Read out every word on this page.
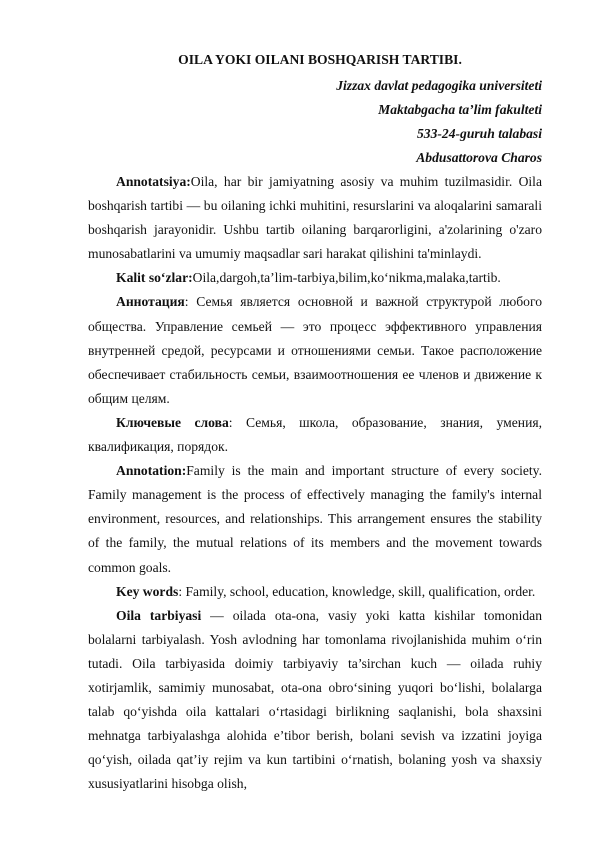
OILA YOKI OILANI BOSHQARISH TARTIBI.
Jizzax davlat pedagogika universiteti
Maktabgacha ta’lim fakulteti
533-24-guruh talabasi
Abdusattorova Charos

Annotatsiya:Oila, har bir jamiyatning asosiy va muhim tuzilmasidir. Oila boshqarish tartibi — bu oilaning ichki muhitini, resurslarini va aloqalarini samarali boshqarish jarayonidir. Ushbu tartib oilaning barqarorligini, a'zolarining o'zaro munosabatlarini va umumiy maqsadlar sari harakat qilishini ta'minlaydi.

Kalit so‘zlar:Oila,dargoh,ta’lim-tarbiya,bilim,ko‘nikma,malaka,tartib.

Аннотация: Семья является основной и важной структурой любого общества. Управление семьей — это процесс эффективного управления внутренней средой, ресурсами и отношениями семьи. Такое расположение обеспечивает стабильность семьи, взаимоотношения ее членов и движение к общим целям.

Ключевые слова: Семья, школа, образование, знания, умения, квалификация, порядок.

Annotation:Family is the main and important structure of every society. Family management is the process of effectively managing the family's internal environment, resources, and relationships. This arrangement ensures the stability of the family, the mutual relations of its members and the movement towards common goals.

Key words: Family, school, education, knowledge, skill, qualification, order.

Oila tarbiyasi — oilada ota-ona, vasiy yoki katta kishilar tomonidan bolalarni tarbiyalash. Yosh avlodning har tomonlama rivojlanishida muhim o‘rin tutadi. Oila tarbiyasida doimiy tarbiyaviy ta’sirchan kuch — oilada ruhiy xotirjamlik, samimiy munosabat, ota-ona obro‘sining yuqori bo‘lishi, bolalarga talab qo‘yishda oila kattalari o‘rtasidagi birlikning saqlanishi, bola shaxsini mehnatga tarbiyalashga alohida e’tibor berish, bolani sevish va izzatini joyiga qo‘yish, oilada qat’iy rejim va kun tartibini o‘rnatish, bolaning yosh va shaxsiy xususiyatlarini hisobga olish,
